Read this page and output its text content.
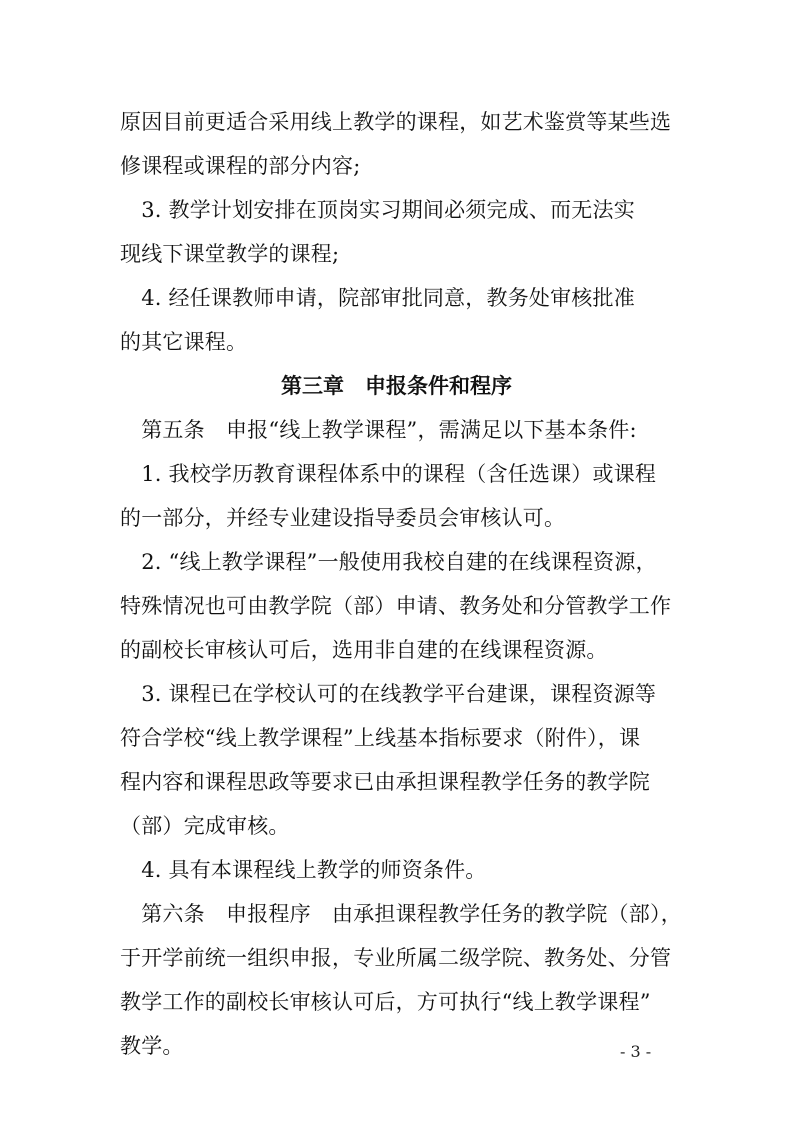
原因目前更适合采用线上教学的课程，如艺术鉴赏等某些选
修课程或课程的部分内容;
　3. 教学计划安排在顶岗实习期间必须完成、而无法实
现线下课堂教学的课程;
　4. 经任课教师申请，院部审批同意，教务处审核批准
的其它课程。
第三章　申报条件和程序
　第五条　申报“线上教学课程”，需满足以下基本条件:
　1. 我校学历教育课程体系中的课程（含任选课）或课程
的一部分，并经专业建设指导委员会审核认可。
　2. “线上教学课程”一般使用我校自建的在线课程资源，
特殊情况也可由教学院（部）申请、教务处和分管教学工作
的副校长审核认可后，选用非自建的在线课程资源。
　3. 课程已在学校认可的在线教学平台建课，课程资源等
符合学校“线上教学课程”上线基本指标要求（附件），课
程内容和课程思政等要求已由承担课程教学任务的教学院
（部）完成审核。
　4. 具有本课程线上教学的师资条件。
　第六条　申报程序　由承担课程教学任务的教学院（部），
于开学前统一组织申报，专业所属二级学院、教务处、分管
教学工作的副校长审核认可后，方可执行“线上教学课程”
教学。	- 3 -
